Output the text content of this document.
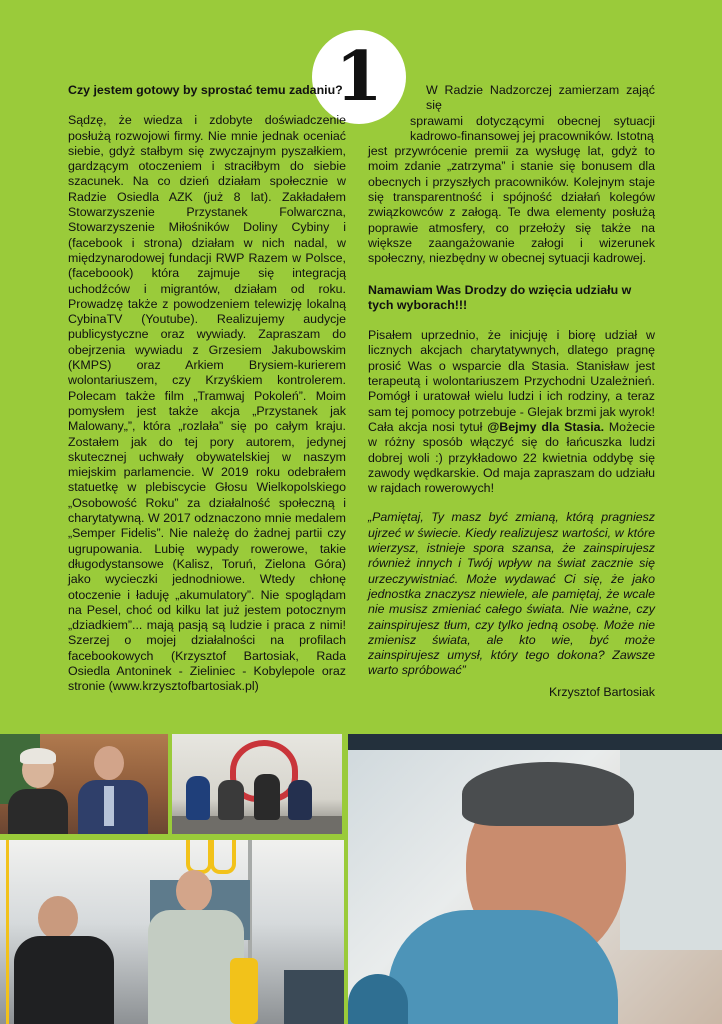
1

Czy jestem gotowy by sprostać temu zadaniu?

Sądzę, że wiedza i zdobyte doświadczenie posłużą rozwojowi firmy. Nie mnie jednak oceniać siebie, gdyż stałbym się zwyczajnym pyszałkiem, gardzącym otoczeniem i straciłbym do siebie szacunek. Na co dzień działam społecznie w Radzie Osiedla AZK (już 8 lat). Zakładałem Stowarzyszenie Przystanek Folwarczna, Stowarzyszenie Miłośników Doliny Cybiny i (facebook i strona) działam w nich nadal, w międzynarodowej fundacji RWP Razem w Polsce, (faceboook) która zajmuje się integracją uchodźców i migrantów, działam od roku. Prowadzę także z powodzeniem telewizję lokalną CybinaTV (Youtube). Realizujemy audycje publicystyczne oraz wywiady. Zapraszam do obejrzenia wywiadu z Grzesiem Jakubowskim (KMPS) oraz Arkiem Brysiem-kurierem wolontariuszem, czy Krzyśkiem kontrolerem. Polecam także film „Tramwaj Pokoleń”. Moim pomysłem jest także akcja „Przystanek jak Malowany„”, która „rozlała” się po całym kraju. Zostałem jak do tej pory autorem, jedynej skutecznej uchwały obywatelskiej w naszym miejskim parlamencie. W 2019 roku odebrałem statuetkę w plebiscycie Głosu Wielkopolskiego „Osobowość Roku” za działalność społeczną i charytatywną. W 2017 odznaczono mnie medalem „Semper Fidelis”. Nie należę do żadnej partii czy ugrupowania. Lubię wypady rowerowe, takie długodystansowe (Kalisz, Toruń, Zielona Góra) jako wycieczki jednodniowe. Wtedy chłonę otoczenie i ładuję „akumulatory”. Nie spoglądam na Pesel, choć od kilku lat już jestem potocznym „dziadkiem”... mają pasją są ludzie i praca z nimi! Szerzej o mojej działalności na profilach facebookowych (Krzysztof Bartosiak, Rada Osiedla Antoninek - Zieliniec - Kobylepole oraz stronie (www.krzysztofbartosiak.pl)

W Radzie Nadzorczej zamierzam zająć się

sprawami dotyczącymi obecnej sytuacji kadrowo-finansowej jej pracowników. Istotną

jest przywrócenie premii za wysługę lat, gdyż to moim zdanie „zatrzyma” i stanie się bonusem dla obecnych i przyszłych pracowników. Kolejnym staje się transparentność i spójność działań kolegów związkowców z załogą. Te dwa elementy posłużą poprawie atmosfery, co przełoży się także na większe zaangażowanie załogi i wizerunek społeczny, niezbędny w obecnej sytuacji kadrowej.

Namawiam Was Drodzy do wzięcia udziału w tych wyborach!!!

Pisałem uprzednio, że inicjuję i biorę udział w licznych akcjach charytatywnych, dlatego pragnę prosić Was o wsparcie dla Stasia. Stanisław jest terapeutą i wolontariuszem Przychodni Uzależnień. Pomógł i uratował wielu ludzi i ich rodziny, a teraz sam tej pomocy potrzebuje - Glejak brzmi jak wyrok! Cała akcja nosi tytuł @Bejmy dla Stasia. Możecie w różny sposób włączyć się do łańcuszka ludzi dobrej woli :) przykładowo 22 kwietnia oddybę się zawody wędkarskie. Od maja zapraszam do udziału w rajdach rowerowych!

„Pamiętaj, Ty masz być zmianą, którą pragniesz ujrzeć w świecie. Kiedy realizujesz wartości, w które wierzysz, istnieje spora szansa, że zainspirujesz również innych i Twój wpływ na świat zacznie się urzeczywistniać. Może wydawać Ci się, że jako jednostka znaczysz niewiele, ale pamiętaj, że wcale nie musisz zmieniać całego świata. Nie ważne, czy zainspirujesz tłum, czy tylko jedną osobę. Może nie zmienisz świata, ale kto wie, być może zainspirujesz umysł, który tego dokona? Zawsze warto spróbować”

Krzysztof Bartosiak
